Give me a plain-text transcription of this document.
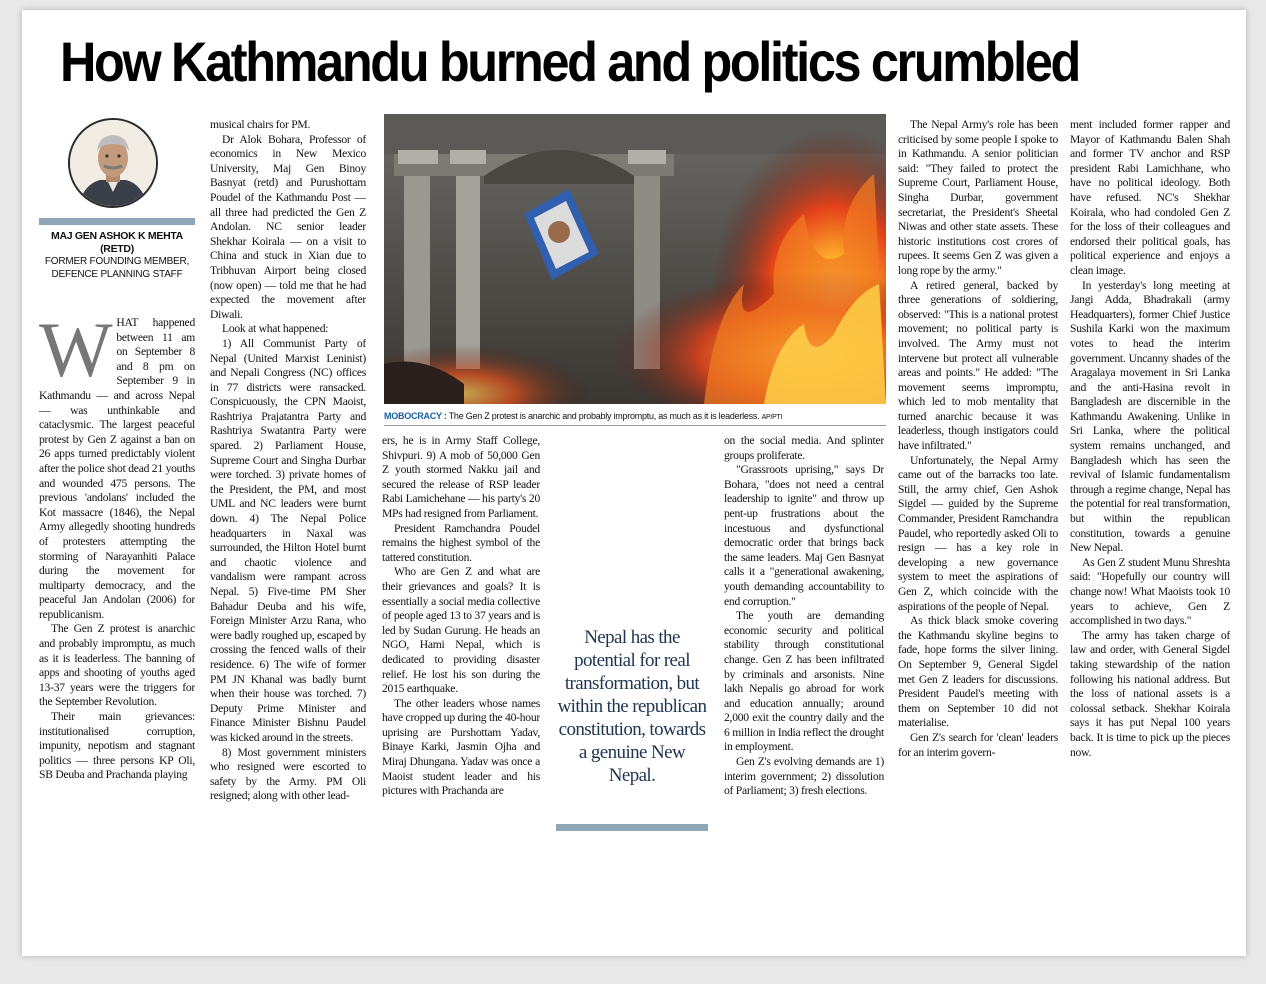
How Kathmandu burned and politics crumbled
MAJ GEN ASHOK K MEHTA
(RETD)
FORMER FOUNDING MEMBER,
DEFENCE PLANNING STAFF
MOBOCRACY : The Gen Z protest is anarchic and probably impromptu, as much as it is leaderless. AP/PTI
W HAT happened between 11 am on September 8 and 8 pm on September 9 in Kathmandu — and across Nepal — was unthinkable and cataclysmic. The largest peaceful protest by Gen Z against a ban on 26 apps turned predictably violent after the police shot dead 21 youths and wounded 475 persons. The previous 'andolans' included the Kot massacre (1846), the Nepal Army allegedly shooting hundreds of protesters attempting the storming of Narayanhiti Palace during the movement for multiparty democracy, and the peaceful Jan Andolan (2006) for republicanism.

The Gen Z protest is anarchic and probably impromptu, as much as it is leaderless. The banning of apps and shooting of youths aged 13-37 years were the triggers for the September Revolution.

Their main grievances: institutionalised corruption, impunity, nepotism and stagnant politics — three persons KP Oli, SB Deuba and Prachanda playing

musical chairs for PM.

Dr Alok Bohara, Professor of economics in New Mexico University, Maj Gen Binoy Basnyat (retd) and Purushottam Poudel of the Kathmandu Post — all three had predicted the Gen Z Andolan. NC senior leader Shekhar Koirala — on a visit to China and stuck in Xian due to Tribhuvan Airport being closed (now open) — told me that he had expected the movement after Diwali.

Look at what happened:

1) All Communist Party of Nepal (United Marxist Leninist) and Nepali Congress (NC) offices in 77 districts were ransacked. Conspicuously, the CPN Maoist, Rashtriya Prajatantra Party and Rashtriya Swatantra Party were spared. 2) Parliament House, Supreme Court and Singha Durbar were torched. 3) private homes of the President, the PM, and most UML and NC leaders were burnt down. 4) The Nepal Police headquarters in Naxal was surrounded, the Hilton Hotel burnt and chaotic violence and vandalism were rampant across Nepal. 5) Five-time PM Sher Bahadur Deuba and his wife, Foreign Minister Arzu Rana, who were badly roughed up, escaped by crossing the fenced walls of their residence. 6) The wife of former PM JN Khanal was badly burnt when their house was torched. 7) Deputy Prime Minister and Finance Minister Bishnu Paudel was kicked around in the streets.

8) Most government ministers who resigned were escorted to safety by the Army. PM Oli resigned; along with other lead-

ers, he is in Army Staff College, Shivpuri. 9) A mob of 50,000 Gen Z youth stormed Nakku jail and secured the release of RSP leader Rabi Lamichehane — his party's 20 MPs had resigned from Parliament.

President Ramchandra Poudel remains the highest symbol of the tattered constitution.

Who are Gen Z and what are their grievances and goals? It is essentially a social media collective of people aged 13 to 37 years and is led by Sudan Gurung. He heads an NGO, Hami Nepal, which is dedicated to providing disaster relief. He lost his son during the 2015 earthquake.

The other leaders whose names have cropped up during the 40-hour uprising are Purshottam Yadav, Binaye Karki, Jasmin Ojha and Miraj Dhungana. Yadav was once a Maoist student leader and his pictures with Prachanda are

Nepal has the potential for real transformation, but within the republican constitution, towards a genuine New Nepal.

on the social media. And splinter groups proliferate.

"Grassroots uprising," says Dr Bohara, "does not need a central leadership to ignite" and throw up pent-up frustrations about the incestuous and dysfunctional democratic order that brings back the same leaders. Maj Gen Basnyat calls it a "generational awakening, youth demanding accountability to end corruption."

The youth are demanding economic security and political stability through constitutional change. Gen Z has been infiltrated by criminals and arsonists. Nine lakh Nepalis go abroad for work and education annually; around 2,000 exit the country daily and the 6 million in India reflect the drought in employment.

Gen Z's evolving demands are 1) interim government; 2) dissolution of Parliament; 3) fresh elections.

The Nepal Army's role has been criticised by some people I spoke to in Kathmandu. A senior politician said: "They failed to protect the Supreme Court, Parliament House, Singha Durbar, government secretariat, the President's Sheetal Niwas and other state assets. These historic institutions cost crores of rupees. It seems Gen Z was given a long rope by the army."

A retired general, backed by three generations of soldiering, observed: "This is a national protest movement; no political party is involved. The Army must not intervene but protect all vulnerable areas and points." He added: "The movement seems impromptu, which led to mob mentality that turned anarchic because it was leaderless, though instigators could have infiltrated."

Unfortunately, the Nepal Army came out of the barracks too late. Still, the army chief, Gen Ashok Sigdel — guided by the Supreme Commander, President Ramchandra Paudel, who reportedly asked Oli to resign — has a key role in developing a new governance system to meet the aspirations of Gen Z, which coincide with the aspirations of the people of Nepal.

As thick black smoke covering the Kathmandu skyline begins to fade, hope forms the silver lining. On September 9, General Sigdel met Gen Z leaders for discussions. President Paudel's meeting with them on September 10 did not materialise.

Gen Z's search for 'clean' leaders for an interim govern-

ment included former rapper and Mayor of Kathmandu Balen Shah and former TV anchor and RSP president Rabi Lamichhane, who have no political ideology. Both have refused. NC's Shekhar Koirala, who had condoled Gen Z for the loss of their colleagues and endorsed their political goals, has political experience and enjoys a clean image.

In yesterday's long meeting at Jangi Adda, Bhadrakali (army Headquarters), former Chief Justice Sushila Karki won the maximum votes to head the interim government. Uncanny shades of the Aragalaya movement in Sri Lanka and the anti-Hasina revolt in Bangladesh are discernible in the Kathmandu Awakening. Unlike in Sri Lanka, where the political system remains unchanged, and Bangladesh which has seen the revival of Islamic fundamentalism through a regime change, Nepal has the potential for real transformation, but within the republican constitution, towards a genuine New Nepal.

As Gen Z student Munu Shreshta said: "Hopefully our country will change now! What Maoists took 10 years to achieve, Gen Z accomplished in two days."

The army has taken charge of law and order, with General Sigdel taking stewardship of the nation following his national address. But the loss of national assets is a colossal setback. Shekhar Koirala says it has put Nepal 100 years back. It is time to pick up the pieces now.
